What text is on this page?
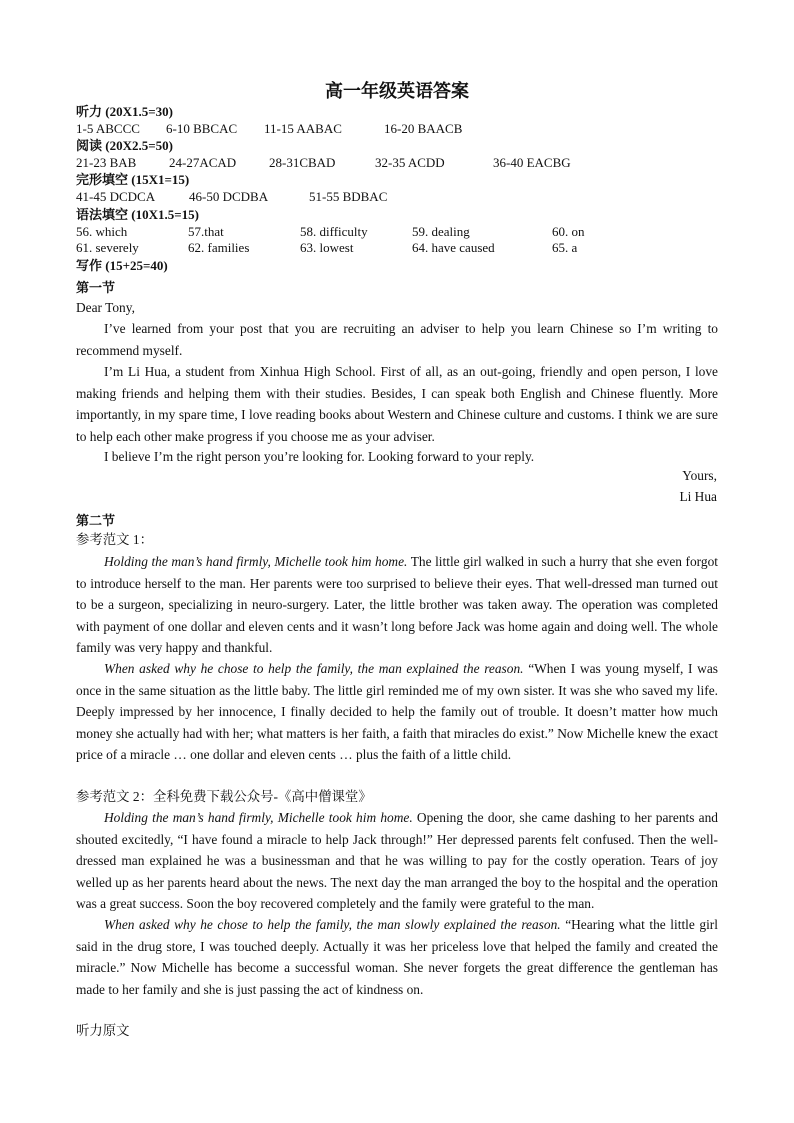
高一年级英语答案
听力 (20X1.5=30)
1-5 ABCCC 6-10 BBCAC 11-15 AABAC	16-20 BAACB
阅读 (20X2.5=50)
21-23 BAB	24-27ACAD	28-31CBAD	32-35 ACDD	36-40 EACBG
完形填空 (15X1=15)
41-45 DCDCA	46-50 DCDBA	51-55 BDBAC
语法填空 (10X1.5=15)
56. which	57.that	58. difficulty	59. dealing	60. on
61. severely	62. families	63. lowest	64. have caused	65. a
写作 (15+25=40)
第一节
Dear Tony,
I’ve learned from your post that you are recruiting an adviser to help you learn Chinese so I’m writing to recommend myself.
I’m Li Hua, a student from Xinhua High School. First of all, as an out-going, friendly and open person, I love making friends and helping them with their studies. Besides, I can speak both English and Chinese fluently. More importantly, in my spare time, I love reading books about Western and Chinese culture and customs. I think we are sure to help each other make progress if you choose me as your adviser.
I believe I’m the right person you’re looking for. Looking forward to your reply.
Yours,
Li Hua
第二节
参考范文 1：
Holding the man’s hand firmly, Michelle took him home. The little girl walked in such a hurry that she even forgot to introduce herself to the man. Her parents were too surprised to believe their eyes. That well-dressed man turned out to be a surgeon, specializing in neuro-surgery. Later, the little brother was taken away. The operation was completed with payment of one dollar and eleven cents and it wasn’t long before Jack was home again and doing well. The whole family was very happy and thankful.
When asked why he chose to help the family, the man explained the reason. “When I was young myself, I was once in the same situation as the little baby. The little girl reminded me of my own sister. It was she who saved my life. Deeply impressed by her innocence, I finally decided to help the family out of trouble. It doesn’t matter how much money she actually had with her; what matters is her faith, a faith that miracles do exist.” Now Michelle knew the exact price of a miracle … one dollar and eleven cents … plus the faith of a little child.
参考范文 2：全科免费下载公众号-《高中僧课堂》
Holding the man’s hand firmly, Michelle took him home. Opening the door, she came dashing to her parents and shouted excitedly, “I have found a miracle to help Jack through!” Her depressed parents felt confused. Then the well-dressed man explained he was a businessman and that he was willing to pay for the costly operation. Tears of joy welled up as her parents heard about the news. The next day the man arranged the boy to the hospital and the operation was a great success. Soon the boy recovered completely and the family were grateful to the man.
When asked why he chose to help the family, the man slowly explained the reason. “Hearing what the little girl said in the drug store, I was touched deeply. Actually it was her priceless love that helped the family and created the miracle.” Now Michelle has become a successful woman. She never forgets the great difference the gentleman has made to her family and she is just passing the act of kindness on.
听力原文
